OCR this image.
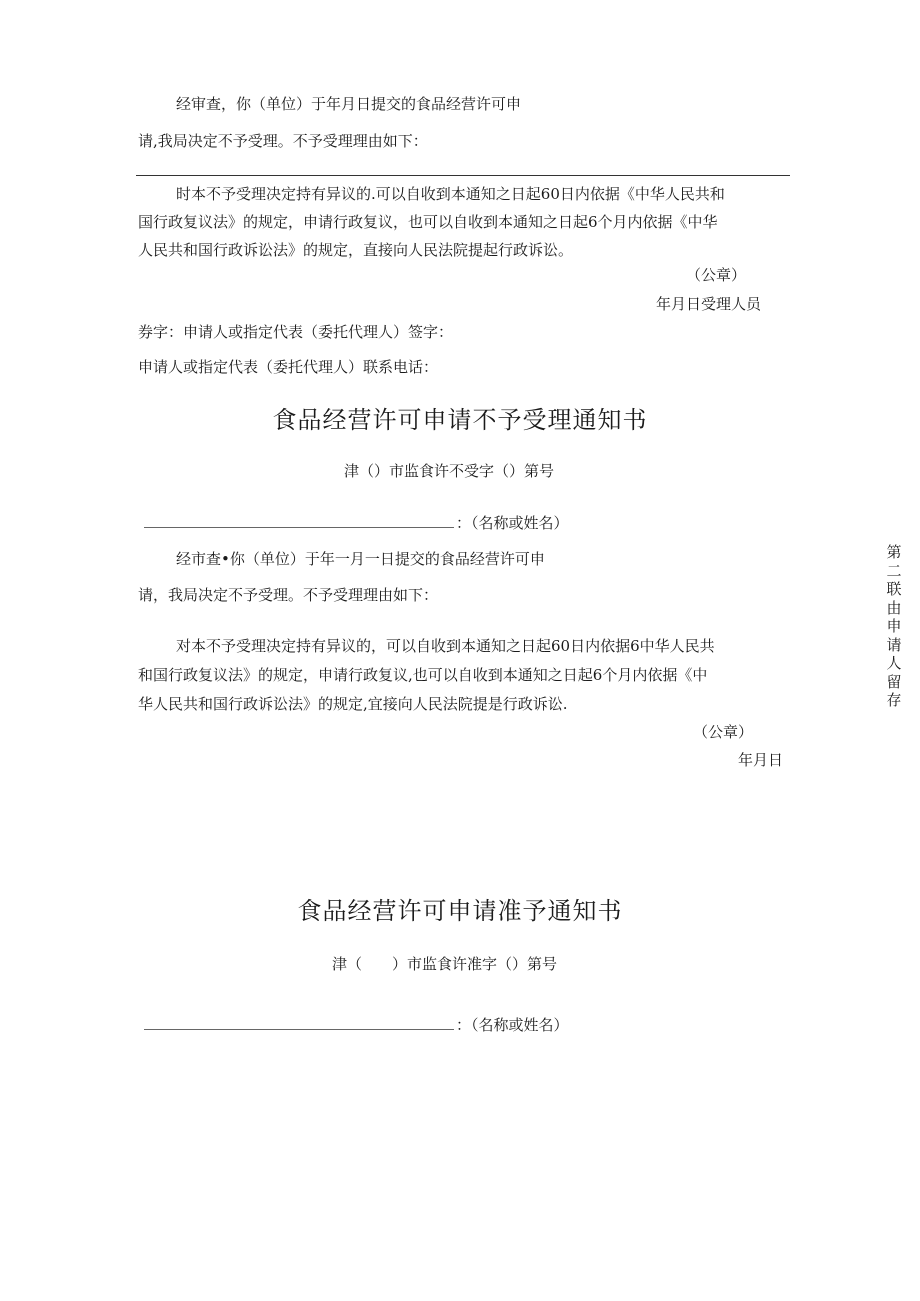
经审查，你（单位）于年月日提交的食品经营许可申
请,我局决定不予受理。不予受理理由如下：
时本不予受理决定持有异议的.可以自收到本通知之日起60日内依据《中华人民共和
国行政复议法》的规定，申请行政复议，也可以自收到本通知之日起6个月内依据《中华
人民共和国行政诉讼法》的规定，直接向人民法院提起行政诉讼。
（公章）
年月日受理人员
券字：申请人或指定代表（委托代理人）签字：
申请人或指定代表（委托代理人）联系电话：
食品经营许可申请不予受理通知书
津（）市监食许不受字（）第号
：（名称或姓名）
经市查•你（单位）于年一月一日提交的食品经营许可申
请，我局决定不予受理。不予受理理由如下：
对本不予受理决定持有异议的，可以自收到本通知之日起60日内依据6中华人民共
和国行政复议法》的规定，申请行政复议,也可以自收到本通知之日起6个月内依据《中
华人民共和国行政诉讼法》的规定,宜接向人民法院提是行政诉讼.
（公章）
年月日
第
二
联
由
申
请
人
留
存
食品经营许可申请准予通知书
津（　　）市监食许准字（）第号
：（名称或姓名）
